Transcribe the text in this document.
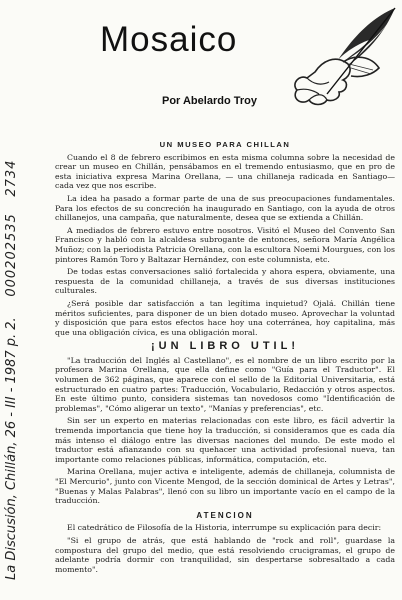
Mosaico
Por Abelardo Troy
La Discusión, Chillán, 26 - III - 1987 p. 2.     000202535    2734
UN MUSEO PARA CHILLAN

Cuando el 8 de febrero escribimos en esta misma columna sobre la necesidad de crear un museo en Chillán, pensábamos en el tremendo entusiasmo, que en pro de esta iniciativa expresa Marina Orellana, — una chillaneja radicada en Santiago— cada vez que nos escribe.

La idea ha pasado a formar parte de una de sus preocupaciones fundamentales. Para los efectos de su concreción ha inaugurado en Santiago, con la ayuda de otros chillanejos, una campaña, que naturalmente, desea que se extienda a Chillán.

A mediados de febrero estuvo entre nosotros. Visitó el Museo del Convento San Francisco y habló con la alcaldesa subrogante de entonces, señora María Angélica Muñoz; con la periodista Patricia Orellana, con la escultora Noemi Mourgues, con los pintores Ramón Toro y Baltazar Hernández, con este columnista, etc.

De todas estas conversaciones salió fortalecida y ahora espera, obviamente, una respuesta de la comunidad chillaneja, a través de sus diversas instituciones culturales.

¿Será posible dar satisfacción a tan legítima inquietud? Ojalá. Chillán tiene méritos suficientes, para disponer de un bien dotado museo. Aprovechar la voluntad y disposición que para estos efectos hace hoy una coterránea, hoy capitalina, más que una obligación cívica, es una obligación moral.

¡UN LIBRO UTIL!

"La traducción del Inglés al Castellano", es el nombre de un libro escrito por la profesora Marina Orellana, que ella define como "Guía para el Traductor". El volumen de 362 páginas, que aparece con el sello de la Editorial Universitaria, está estructurado en cuatro partes: Traducción, Vocabulario, Redacción y otros aspectos. En este último punto, considera sistemas tan novedosos como "Identificación de problemas", "Cómo aligerar un texto", "Manías y preferencias", etc.

Sin ser un experto en materias relacionadas con este libro, es fácil advertir la tremenda importancia que tiene hoy la traducción, si consideramos que es cada día más intenso el diálogo entre las diversas naciones del mundo. De este modo el traductor está afianzando con su quehacer una actividad profesional nueva, tan importante como relaciones públicas, informática, computación, etc.

Marina Orellana, mujer activa e inteligente, además de chillaneja, columnista de "El Mercurio", junto con Vicente Mengod, de la sección dominical de Artes y Letras", "Buenas y Malas Palabras", llenó con su libro un importante vacío en el campo de la traducción.

ATENCION

El catedrático de Filosofía de la Historia, interrumpe su explicación para decir:

"Si el grupo de atrás, que está hablando de "rock and roll", guardase la compostura del grupo del medio, que está resolviendo crucigramas, el grupo de adelante podría dormir con tranquilidad, sin despertarse sobresaltado a cada momento".
